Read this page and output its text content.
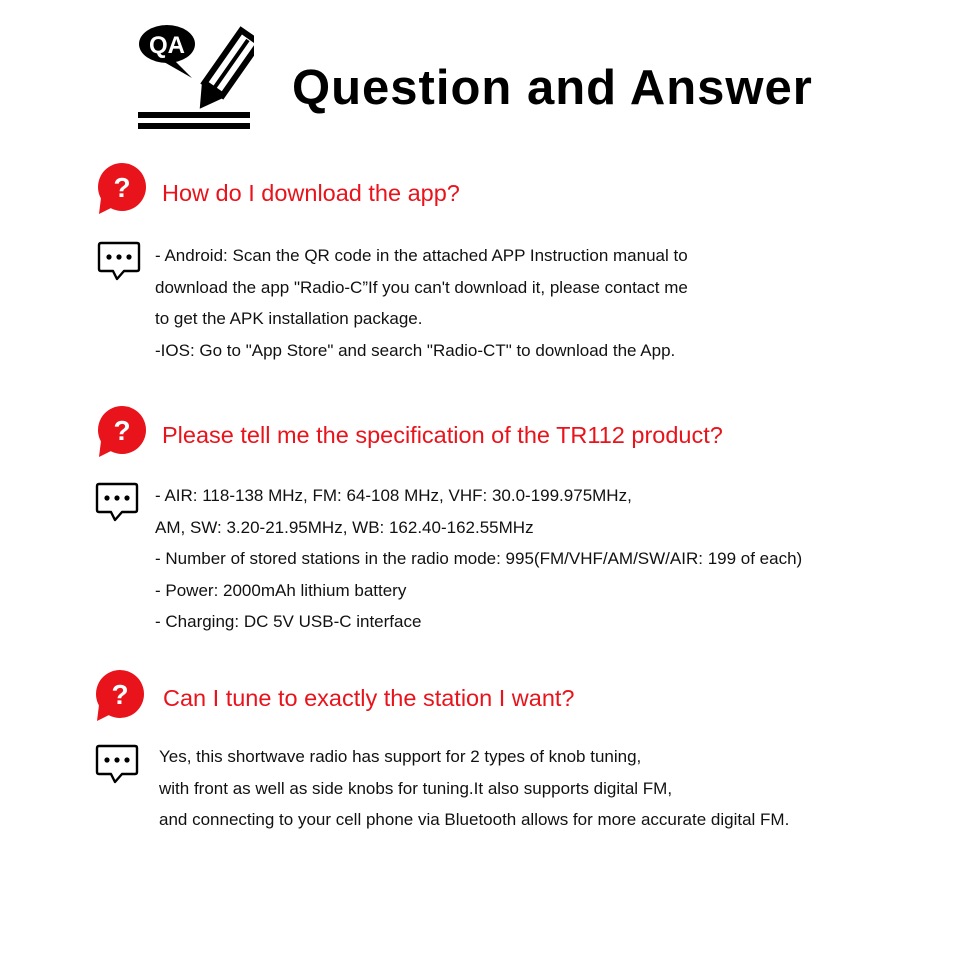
QA
Question and Answer
? How do I download the app?
- Android: Scan the QR code in the attached APP Instruction manual to
download the app "Radio-C”If you can't download it, please contact me
to get the APK installation package.
-IOS: Go to "App Store" and search "Radio-CT" to download the App.
? Please tell me the specification of the TR112 product?
- AIR: 118-138 MHz, FM: 64-108 MHz, VHF: 30.0-199.975MHz,
AM, SW: 3.20-21.95MHz, WB: 162.40-162.55MHz
- Number of stored stations in the radio mode: 995(FM/VHF/AM/SW/AIR: 199 of each)
- Power: 2000mAh lithium battery
- Charging: DC 5V USB-C interface
? Can I tune to exactly the station I want?
Yes, this shortwave radio has support for 2 types of knob tuning,
with front as well as side knobs for tuning.It also supports digital FM,
and connecting to your cell phone via Bluetooth allows for more accurate digital FM.
